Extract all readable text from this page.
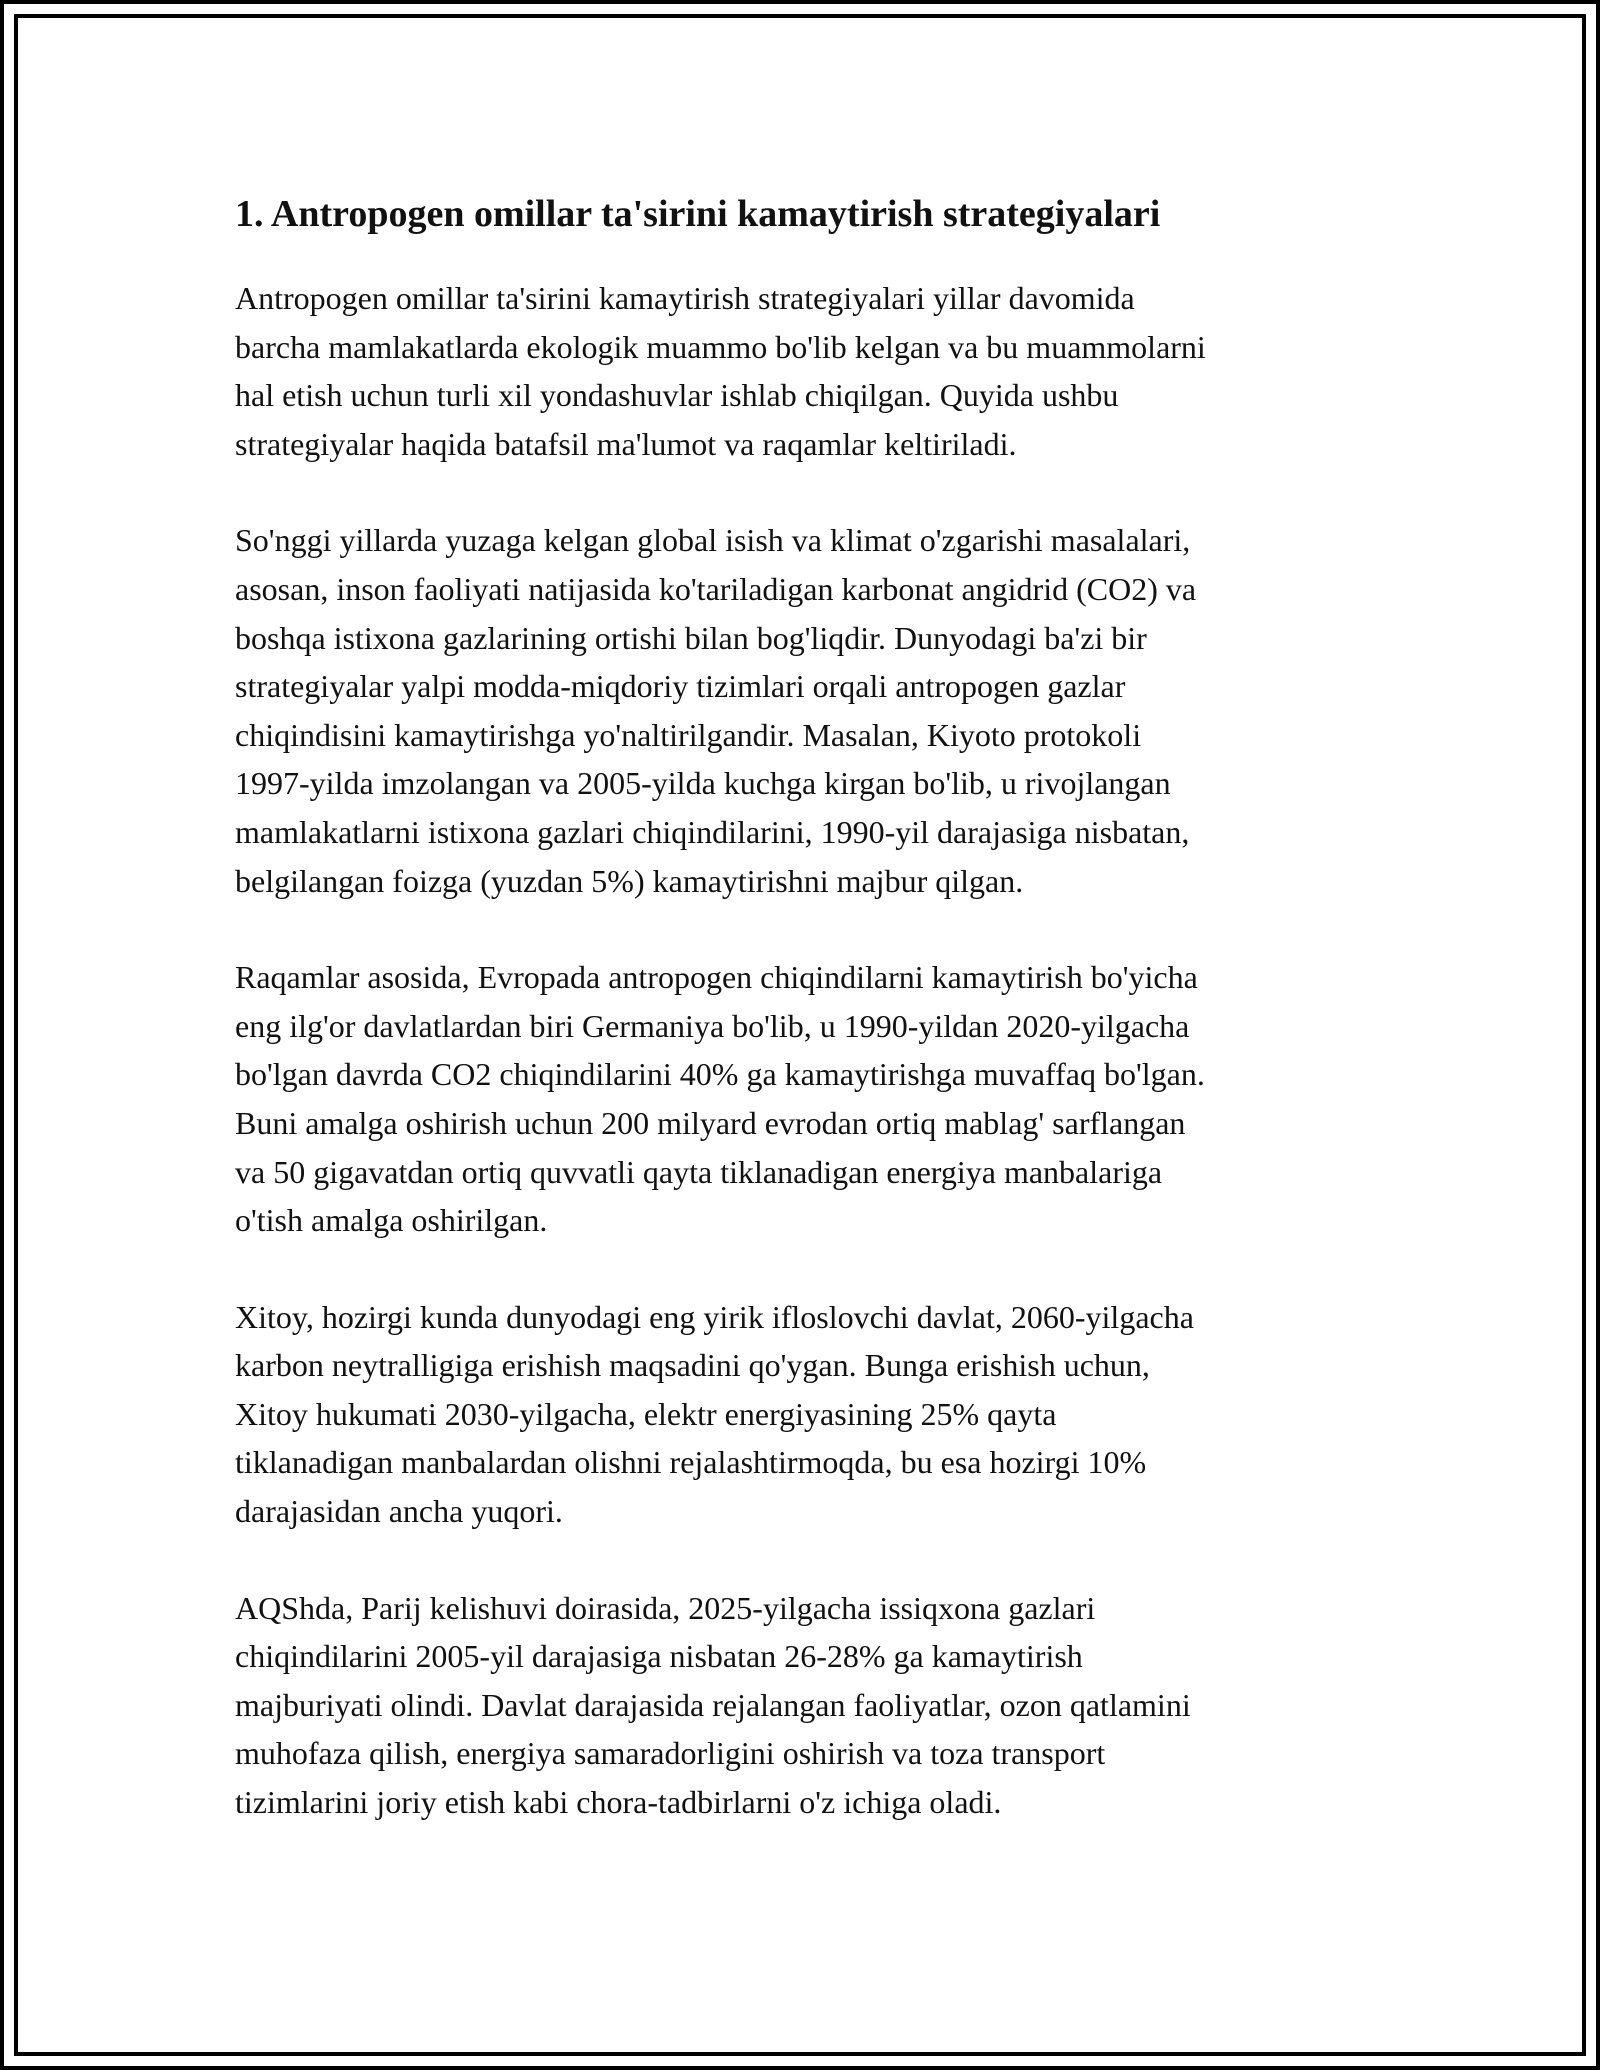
1. Antropogen omillar ta'sirini kamaytirish strategiyalari

Antropogen omillar ta'sirini kamaytirish strategiyalari yillar davomida
barcha mamlakatlarda ekologik muammo bo'lib kelgan va bu muammolarni
hal etish uchun turli xil yondashuvlar ishlab chiqilgan. Quyida ushbu
strategiyalar haqida batafsil ma'lumot va raqamlar keltiriladi.

So'nggi yillarda yuzaga kelgan global isish va klimat o'zgarishi masalalari,
asosan, inson faoliyati natijasida ko'tariladigan karbonat angidrid (CO2) va
boshqa istixona gazlarining ortishi bilan bog'liqdir. Dunyodagi ba'zi bir
strategiyalar yalpi modda-miqdoriy tizimlari orqali antropogen gazlar
chiqindisini kamaytirishga yo'naltirilgandir. Masalan, Kiyoto protokoli
1997-yilda imzolangan va 2005-yilda kuchga kirgan bo'lib, u rivojlangan
mamlakatlarni istixona gazlari chiqindilarini, 1990-yil darajasiga nisbatan,
belgilangan foizga (yuzdan 5%) kamaytirishni majbur qilgan.

Raqamlar asosida, Evropada antropogen chiqindilarni kamaytirish bo'yicha
eng ilg'or davlatlardan biri Germaniya bo'lib, u 1990-yildan 2020-yilgacha
bo'lgan davrda CO2 chiqindilarini 40% ga kamaytirishga muvaffaq bo'lgan.
Buni amalga oshirish uchun 200 milyard evrodan ortiq mablag' sarflangan
va 50 gigavatdan ortiq quvvatli qayta tiklanadigan energiya manbalariga
o'tish amalga oshirilgan.

Xitoy, hozirgi kunda dunyodagi eng yirik ifloslovchi davlat, 2060-yilgacha
karbon neytralligiga erishish maqsadini qo'ygan. Bunga erishish uchun,
Xitoy hukumati 2030-yilgacha, elektr energiyasining 25% qayta
tiklanadigan manbalardan olishni rejalashtirmoqda, bu esa hozirgi 10%
darajasidan ancha yuqori.

AQShda, Parij kelishuvi doirasida, 2025-yilgacha issiqxona gazlari
chiqindilarini 2005-yil darajasiga nisbatan 26-28% ga kamaytirish
majburiyati olindi. Davlat darajasida rejalangan faoliyatlar, ozon qatlamini
muhofaza qilish, energiya samaradorligini oshirish va toza transport
tizimlarini joriy etish kabi chora-tadbirlarni o'z ichiga oladi.
